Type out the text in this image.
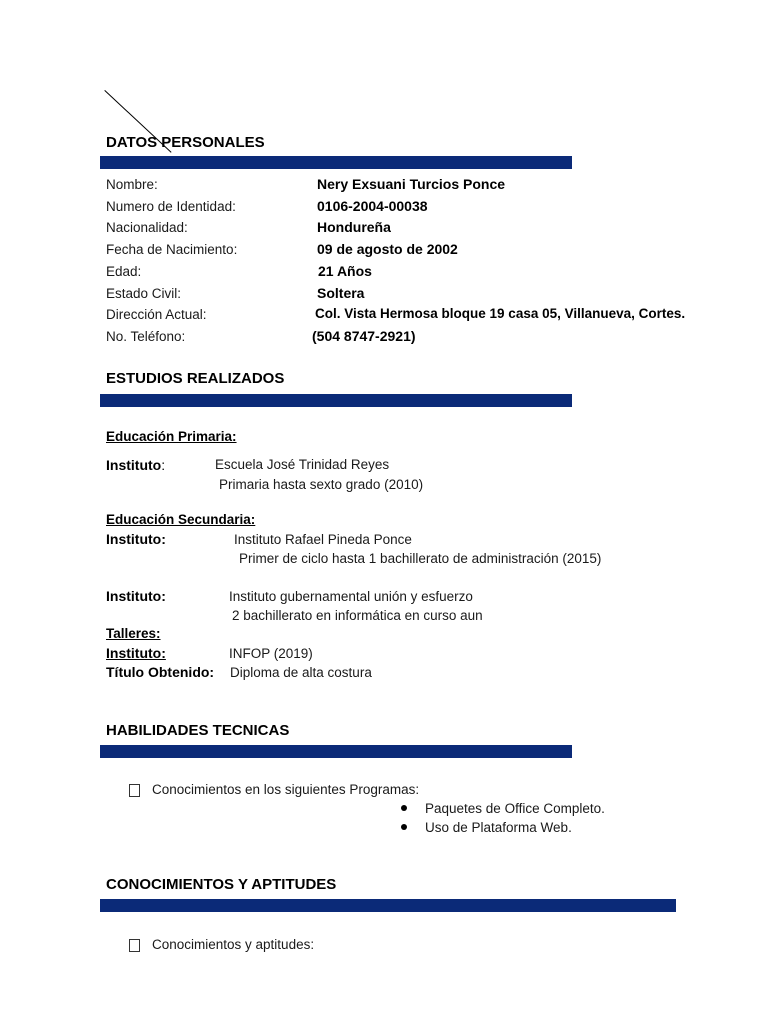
DATOS PERSONALES
Nombre:	Nery Exsuani Turcios Ponce
Numero de Identidad:	0106-2004-00038
Nacionalidad:	Hondureña
Fecha de Nacimiento:	09 de agosto de 2002
Edad:	21 Años
Estado Civil:	Soltera
Dirección Actual:	Col. Vista Hermosa bloque 19 casa 05, Villanueva, Cortes.
No. Teléfono:	(504 8747-2921)
ESTUDIOS REALIZADOS
Educación Primaria:
Instituto:	Escuela José Trinidad Reyes
Primaria hasta sexto grado (2010)
Educación Secundaria:
Instituto:	Instituto Rafael Pineda Ponce
Primer de ciclo hasta 1 bachillerato de administración (2015)
Instituto:	Instituto gubernamental unión y esfuerzo
2 bachillerato en informática en curso aun
Talleres:
Instituto:	INFOP (2019)
Título Obtenido: Diploma de alta costura
HABILIDADES TECNICAS
Conocimientos en los siguientes Programas:
Paquetes de Office Completo.
Uso de Plataforma Web.
CONOCIMIENTOS Y APTITUDES
Conocimientos y aptitudes:
